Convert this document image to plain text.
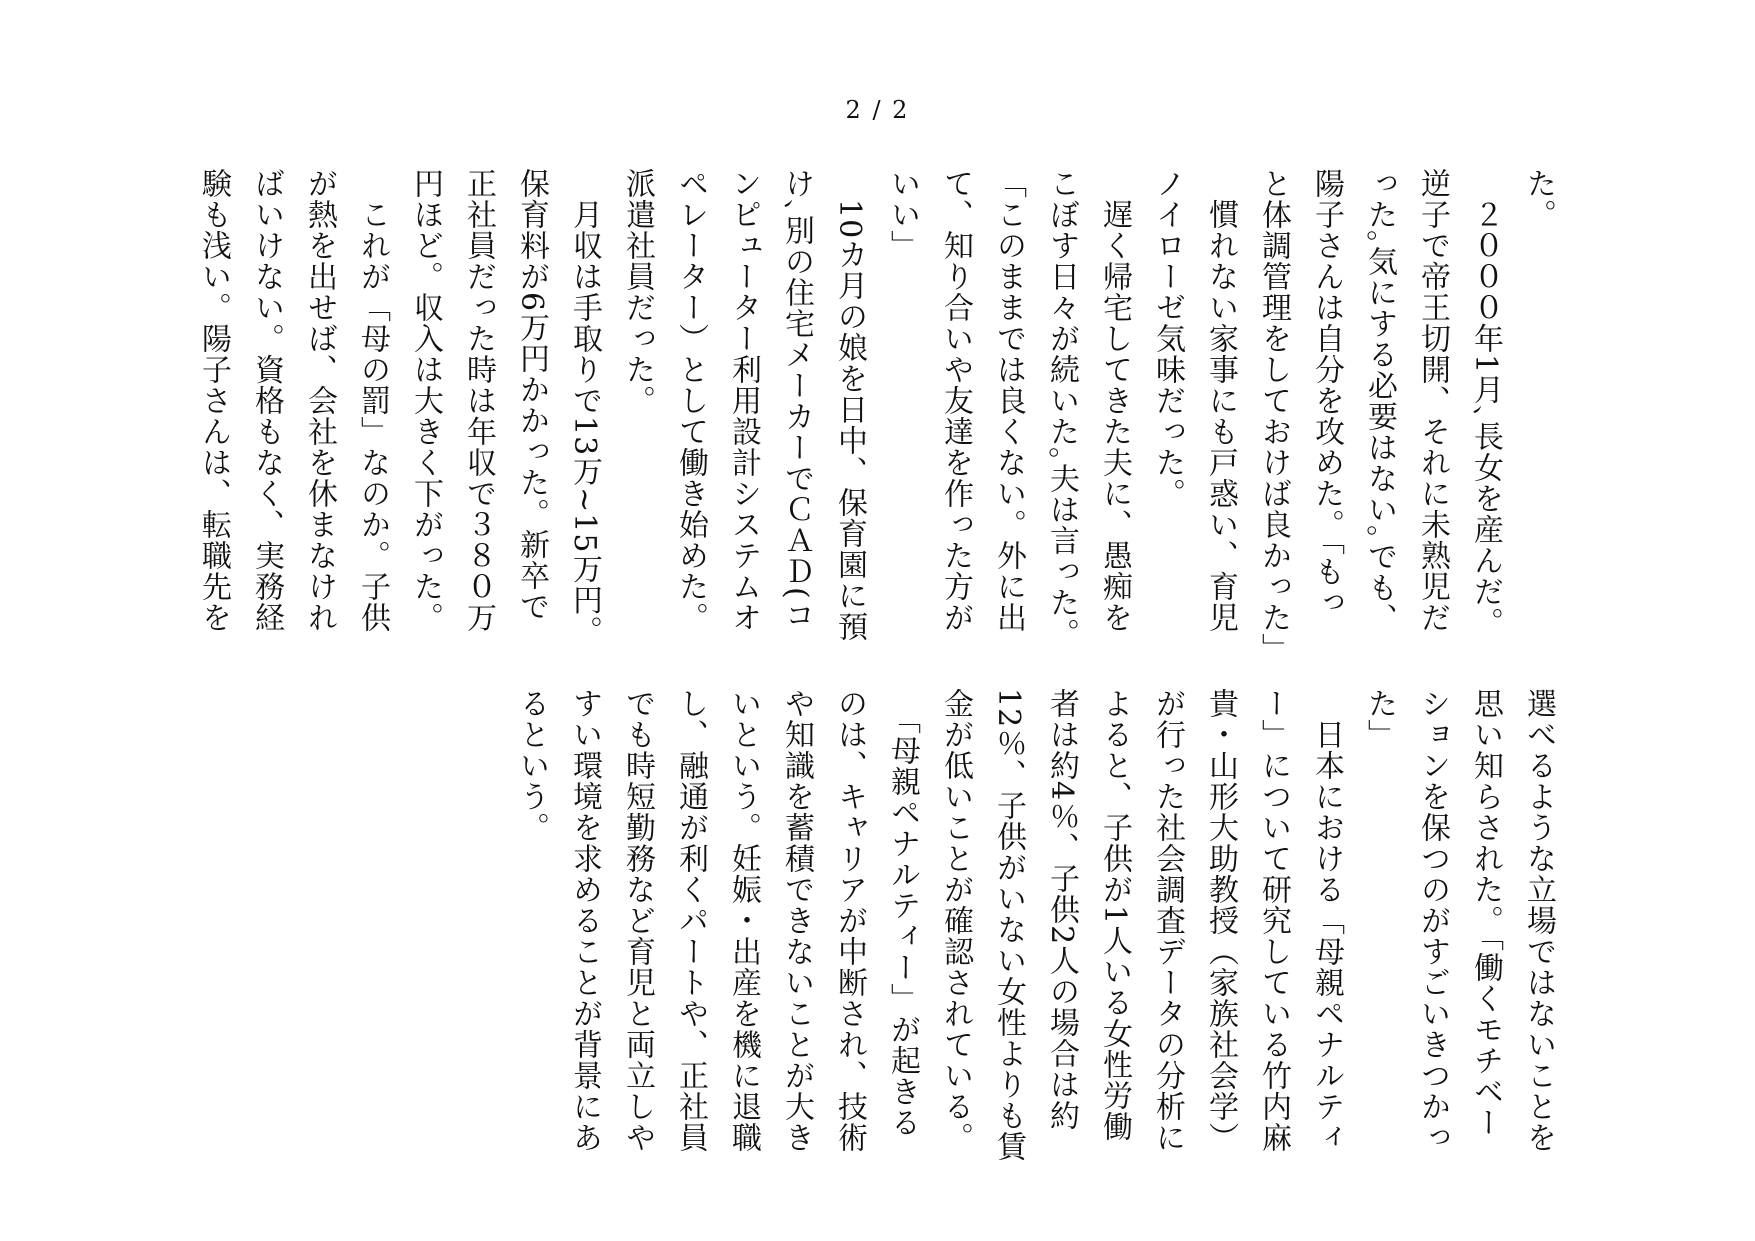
2 / 2
た。
　２０００年1月､長女を産んだ。
逆子で帝王切開、それに未熟児だ
った｡気にする必要はない｡でも、
陽子さんは自分を攻めた。「もっ
と体調管理をしておけば良かった」
　慣れない家事にも戸惑い、育児
ノイローゼ気味だった。
　遅く帰宅してきた夫に、愚痴を
こぼす日々が続いた｡夫は言った。
「このままでは良くない。外に出
て、知り合いや友達を作った方が
いい」
　10カ月の娘を日中、保育園に預
け､別の住宅メーカーでＣＡＤ(コ
ンピューター利用設計システムオ
ペレーター）として働き始めた。
派遣社員だった。
　月収は手取りで13万~15万円。
保育料が6万円かかった。新卒で
正社員だった時は年収で３８０万
円ほど。収入は大きく下がった。
　これが「母の罰」なのか。子供
が熱を出せば、会社を休まなけれ
ばいけない。資格もなく、実務経
験も浅い。陽子さんは、転職先を
選べるような立場ではないことを
思い知らされた。「働くモチベー
ションを保つのがすごいきつかっ
た」
　日本における「母親ペナルティ
ー」について研究している竹内麻
貴・山形大助教授（家族社会学）
が行った社会調査データの分析に
よると、子供が1人いる女性労働
者は約4％、子供2人の場合は約
12％、子供がいない女性よりも賃
金が低いことが確認されている。
　「母親ペナルティー」が起きる
のは、キャリアが中断され、技術
や知識を蓄積できないことが大き
いという。妊娠・出産を機に退職
し、融通が利くパートや、正社員
でも時短勤務など育児と両立しや
すい環境を求めることが背景にあ
るという。
